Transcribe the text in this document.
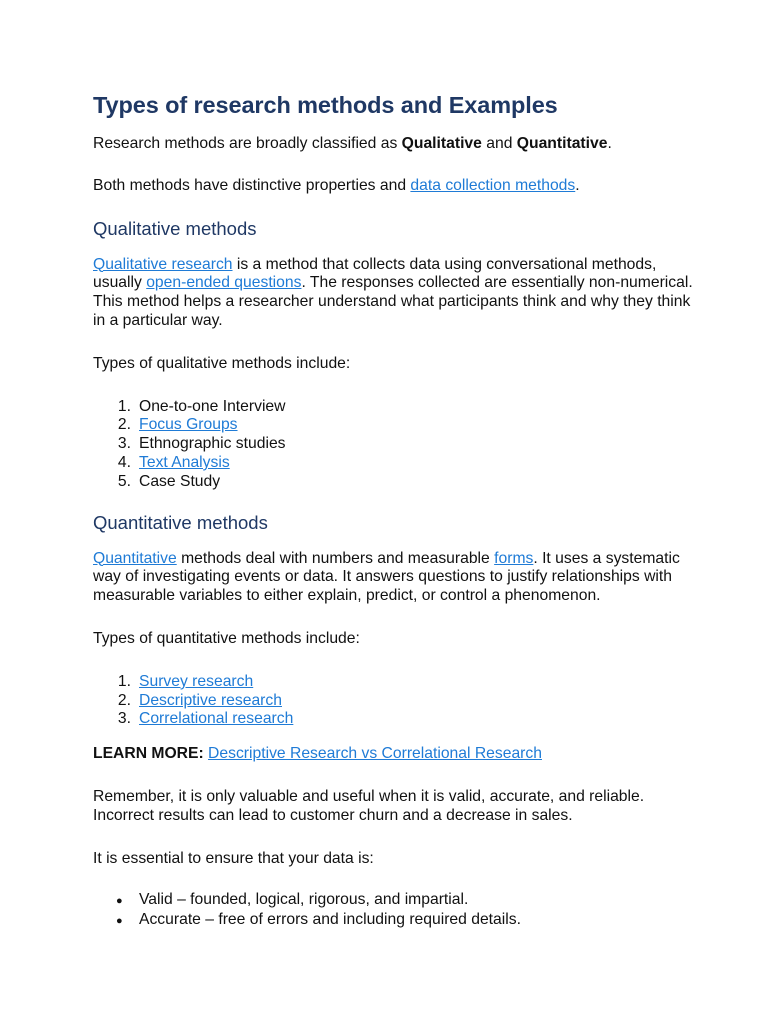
Types of research methods and Examples

Research methods are broadly classified as Qualitative and Quantitative.

Both methods have distinctive properties and data collection methods.

Qualitative methods

Qualitative research is a method that collects data using conversational methods, usually open-ended questions. The responses collected are essentially non-numerical. This method helps a researcher understand what participants think and why they think in a particular way.

Types of qualitative methods include:

1. One-to-one Interview
2. Focus Groups
3. Ethnographic studies
4. Text Analysis
5. Case Study
Quantitative methods

Quantitative methods deal with numbers and measurable forms. It uses a systematic way of investigating events or data. It answers questions to justify relationships with measurable variables to either explain, predict, or control a phenomenon.

Types of quantitative methods include:

1. Survey research
2. Descriptive research
3. Correlational research

LEARN MORE: Descriptive Research vs Correlational Research

Remember, it is only valuable and useful when it is valid, accurate, and reliable. Incorrect results can lead to customer churn and a decrease in sales.

It is essential to ensure that your data is:

●	Valid – founded, logical, rigorous, and impartial.
●	Accurate – free of errors and including required details.
